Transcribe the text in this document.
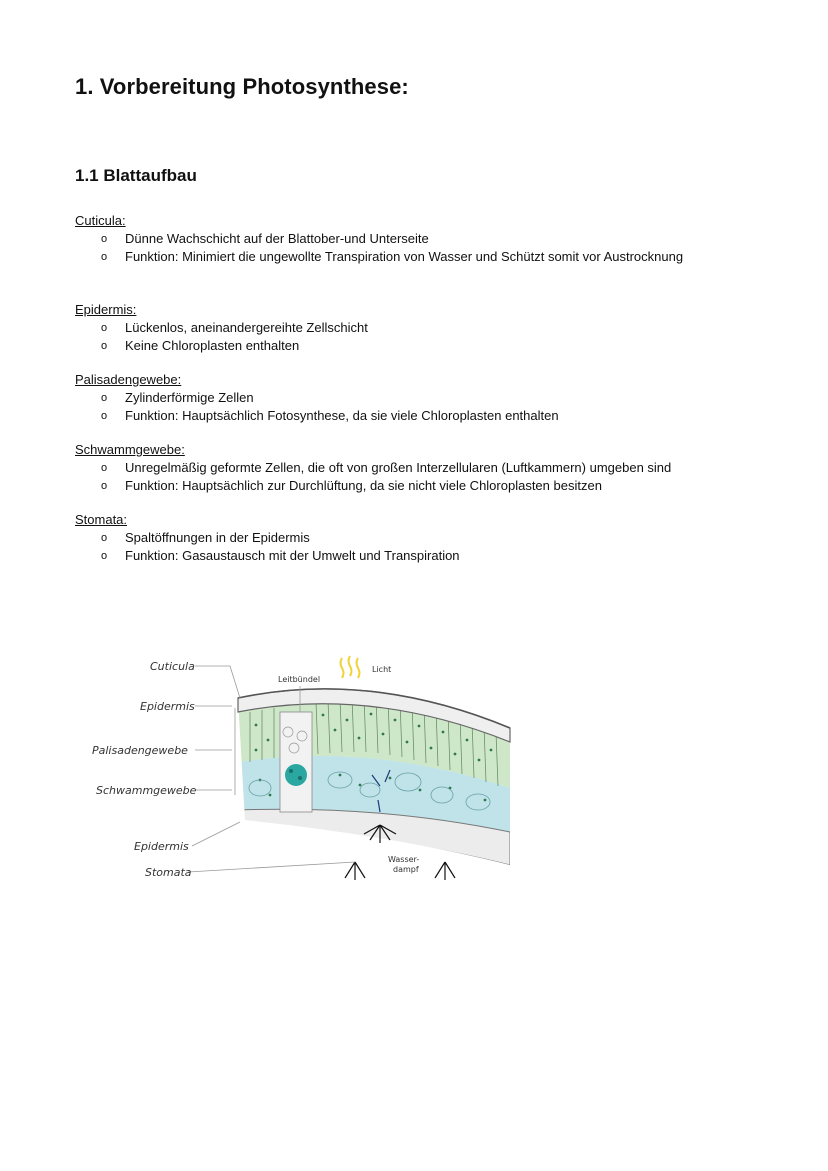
1. Vorbereitung Photosynthese:
1.1 Blattaufbau
Cuticula:
o Dünne Wachschicht auf der Blattober-und Unterseite
o Funktion: Minimiert die ungewollte Transpiration von Wasser und Schützt somit vor Austrocknung
Epidermis:
o Lückenlos, aneinandergereihte Zellschicht
o Keine Chloroplasten enthalten
Palisadengewebe:
o Zylinderförmige Zellen
o Funktion: Hauptsächlich Fotosynthese, da sie viele Chloroplasten enthalten
Schwammgewebe:
o Unregelmäßig geformte Zellen, die oft von großen Interzellularen (Luftkammern) umgeben sind
o Funktion: Hauptsächlich zur Durchlüftung, da sie nicht viele Chloroplasten besitzen
Stomata:
o Spaltöffnungen in der Epidermis
o Funktion: Gasaustausch mit der Umwelt und Transpiration
Cuticula
Epidermis
Palisadengewebe
Schwammgewebe
Epidermis
Stomata
Leitbündel
Licht
Wasser-
dampf
